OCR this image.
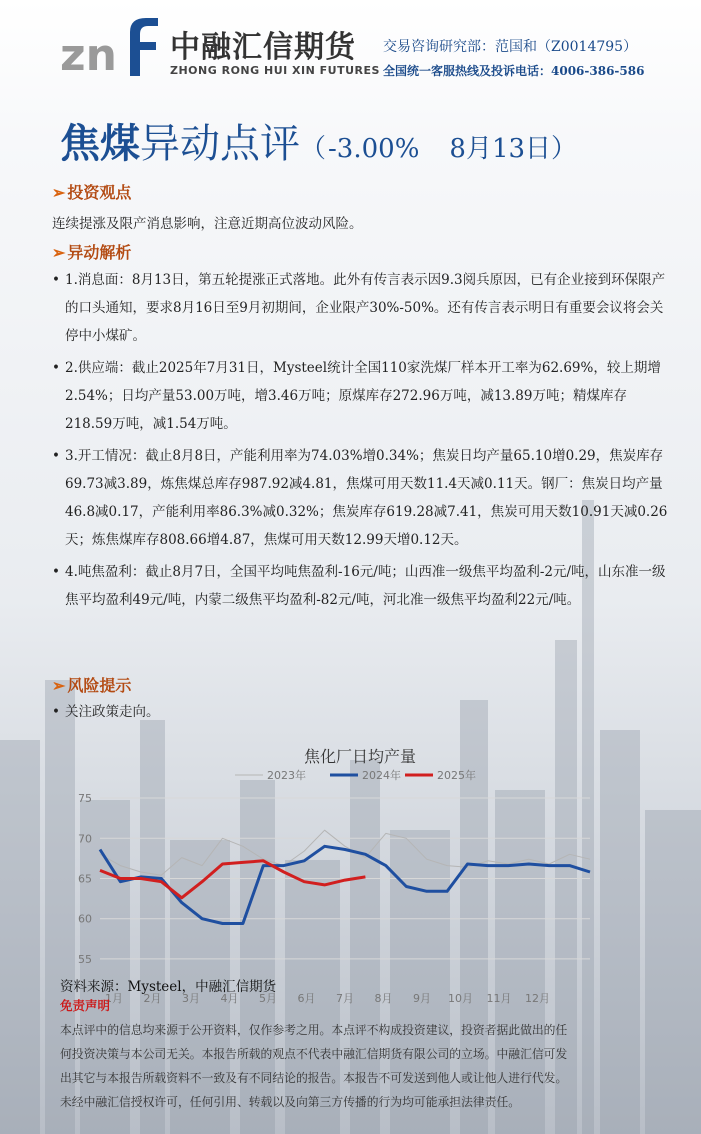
zn 中融汇信期货
ZHONG RONG HUI XIN FUTURES
交易咨询研究部：范国和（Z0014795）
全国统一客服热线及投诉电话：4006-386-586
焦煤异动点评（-3.00% 8月13日）
➢ 投资观点
连续提涨及限产消息影响，注意近期高位波动风险。
➢ 异动解析
• 1.消息面：8月13日，第五轮提涨正式落地。此外有传言表示因9.3阅兵原因，已有企业接到环保限产的口头通知，要求8月16日至9月初期间，企业限产30%-50%。还有传言表示明日有重要会议将会关停中小煤矿。
• 2.供应端：截止2025年7月31日，Mysteel统计全国110家洗煤厂样本开工率为62.69%，较上期增2.54%；日均产量53.00万吨，增3.46万吨；原煤库存272.96万吨，减13.89万吨；精煤库存218.59万吨，减1.54万吨。
• 3.开工情况：截止8月8日，产能利用率为74.03%增0.34%；焦炭日均产量65.10增0.29，焦炭库存69.73减3.89，炼焦煤总库存987.92减4.81，焦煤可用天数11.4天减0.11天。钢厂：焦炭日均产量46.8减0.17，产能利用率86.3%减0.32%；焦炭库存619.28减7.41，焦炭可用天数10.91天减0.26天；炼焦煤库存808.66增4.87，焦煤可用天数12.99天增0.12天。
• 4.吨焦盈利：截止8月7日，全国平均吨焦盈利-16元/吨；山西准一级焦平均盈利-2元/吨，山东准一级焦平均盈利49元/吨，内蒙二级焦平均盈利-82元/吨，河北准一级焦平均盈利22元/吨。
➢ 风险提示
• 关注政策走向。
焦化厂日均产量
2023年	2024年	2025年
55
60
65
70
75
1月 2月 3月 4月 5月 6月 7月 8月 9月 10月 11月 12月
资料来源：Mysteel，中融汇信期货
免责声明
本点评中的信息均来源于公开资料，仅作参考之用。本点评不构成投资建议，投资者据此做出的任
何投资决策与本公司无关。本报告所载的观点不代表中融汇信期货有限公司的立场。中融汇信可发
出其它与本报告所载资料不一致及有不同结论的报告。本报告不可发送到他人或让他人进行代发。
未经中融汇信授权许可，任何引用、转载以及向第三方传播的行为均可能承担法律责任。
